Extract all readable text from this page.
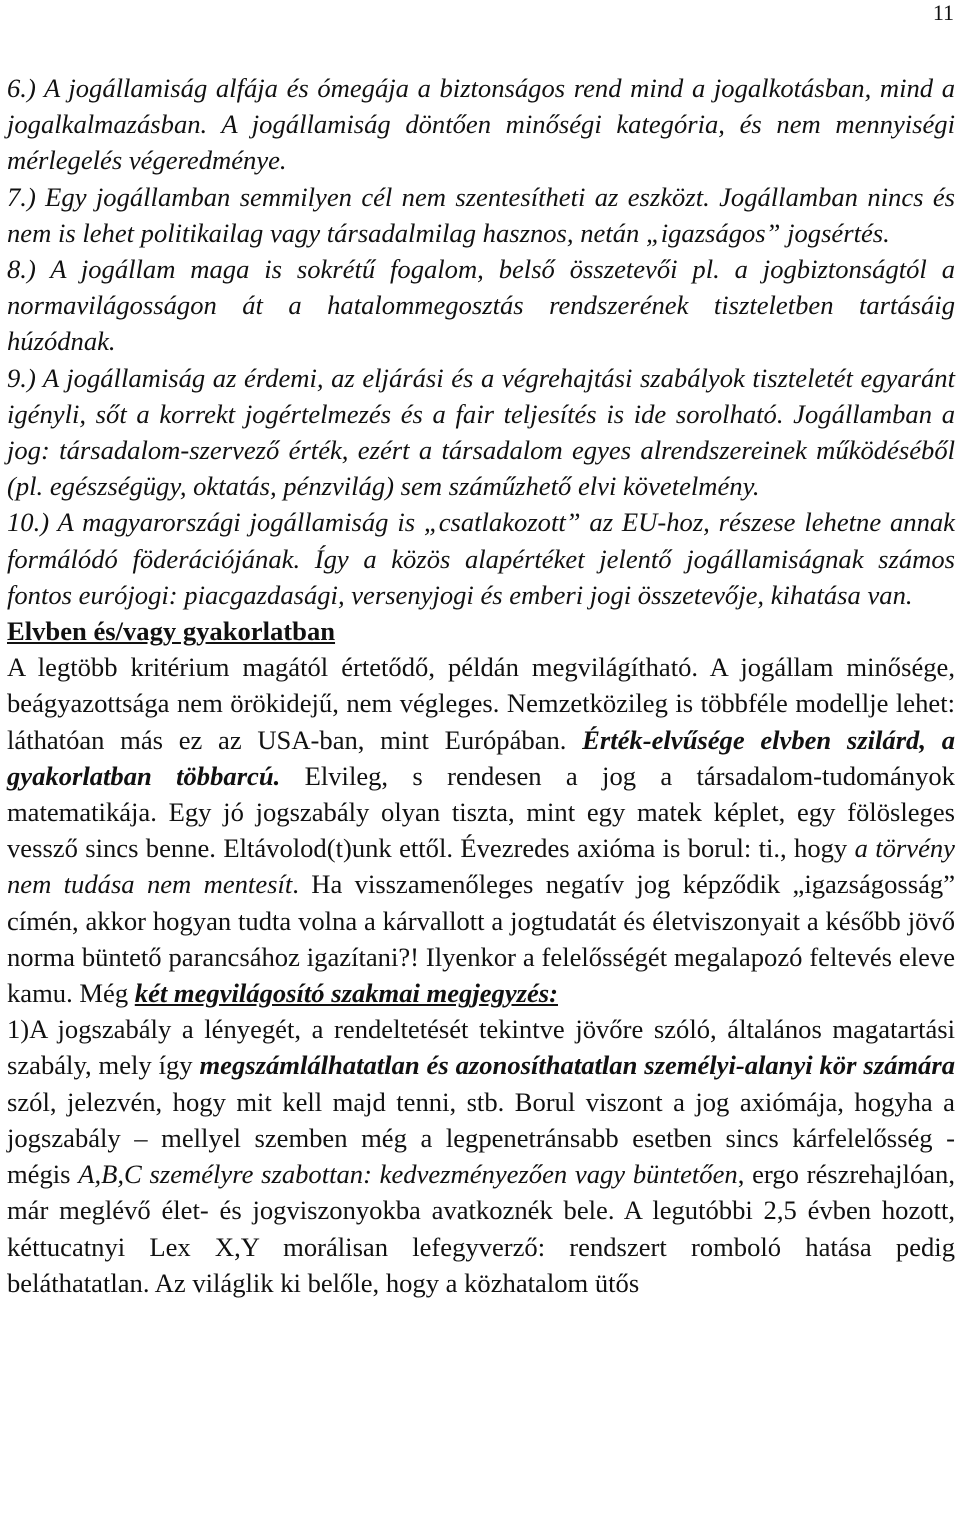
11

6.) A jogállamiság alfája és ómegája a biztonságos rend mind a jogalkotásban, mind a jogalkalmazásban. A jogállamiság döntően minőségi kategória, és nem mennyiségi mérlegelés végeredménye.

7.) Egy jogállamban semmilyen cél nem szentesítheti az eszközt. Jogállamban nincs és nem is lehet politikailag vagy társadalmilag hasznos, netán „igazságos” jogsértés.

8.) A jogállam maga is sokrétű fogalom, belső összetevői pl. a jogbiztonságtól a normavilágosságon át a hatalommegosztás rendszerének tiszteletben tartásáig húzódnak.

9.) A jogállamiság az érdemi, az eljárási és a végrehajtási szabályok tiszteletét egyaránt igényli, sőt a korrekt jogértelmezés és a fair teljesítés is ide sorolható. Jogállamban a jog: társadalom-szervező érték, ezért a társadalom egyes alrendszereinek működéséből (pl. egészségügy, oktatás, pénzvilág) sem száműzhető elvi követelmény.

10.) A magyarországi jogállamiság is „csatlakozott” az EU-hoz, részese lehetne annak formálódó föderációjának. Így a közös alapértéket jelentő jogállamiságnak számos fontos eurójogi: piacgazdasági, versenyjogi és emberi jogi összetevője, kihatása van.

Elvben és/vagy gyakorlatban

A legtöbb kritérium magától értetődő, példán megvilágítható. A jogállam minősége, beágyazottsága nem örökidejű, nem végleges. Nemzetközileg is többféle modellje lehet: láthatóan más ez az USA-ban, mint Európában. Érték-elvűsége elvben szilárd, a gyakorlatban többarcú. Elvileg, s rendesen a jog a társadalom-tudományok matematikája. Egy jó jogszabály olyan tiszta, mint egy matek képlet, egy fölösleges vessző sincs benne. Eltávolod(t)unk ettől. Évezredes axióma is borul: ti., hogy a törvény nem tudása nem mentesít. Ha visszamenőleges negatív jog képződik „igazságosság” címén, akkor hogyan tudta volna a kárvallott a jogtudatát és életviszonyait a később jövő norma büntető parancsához igazítani?! Ilyenkor a felelősségét megalapozó feltevés eleve kamu. Még két megvilágosító szakmai megjegyzés:

1)A jogszabály a lényegét, a rendeltetését tekintve jövőre szóló, általános magatartási szabály, mely így megszámlálhatatlan és azonosíthatatlan személyi-alanyi kör számára szól, jelezvén, hogy mit kell majd tenni, stb. Borul viszont a jog axiómája, hogyha a jogszabály – mellyel szemben még a legpenetránsabb esetben sincs kárfelelősség - mégis A,B,C személyre szabottan: kedvezményezően vagy büntetően, ergo részrehajlóan, már meglévő élet- és jogviszonyokba avatkoznék bele. A legutóbbi 2,5 évben hozott, kéttucatnyi Lex X,Y morálisan lefegyverző: rendszert romboló hatása pedig beláthatatlan. Az világlik ki belőle, hogy a közhatalom ütős
